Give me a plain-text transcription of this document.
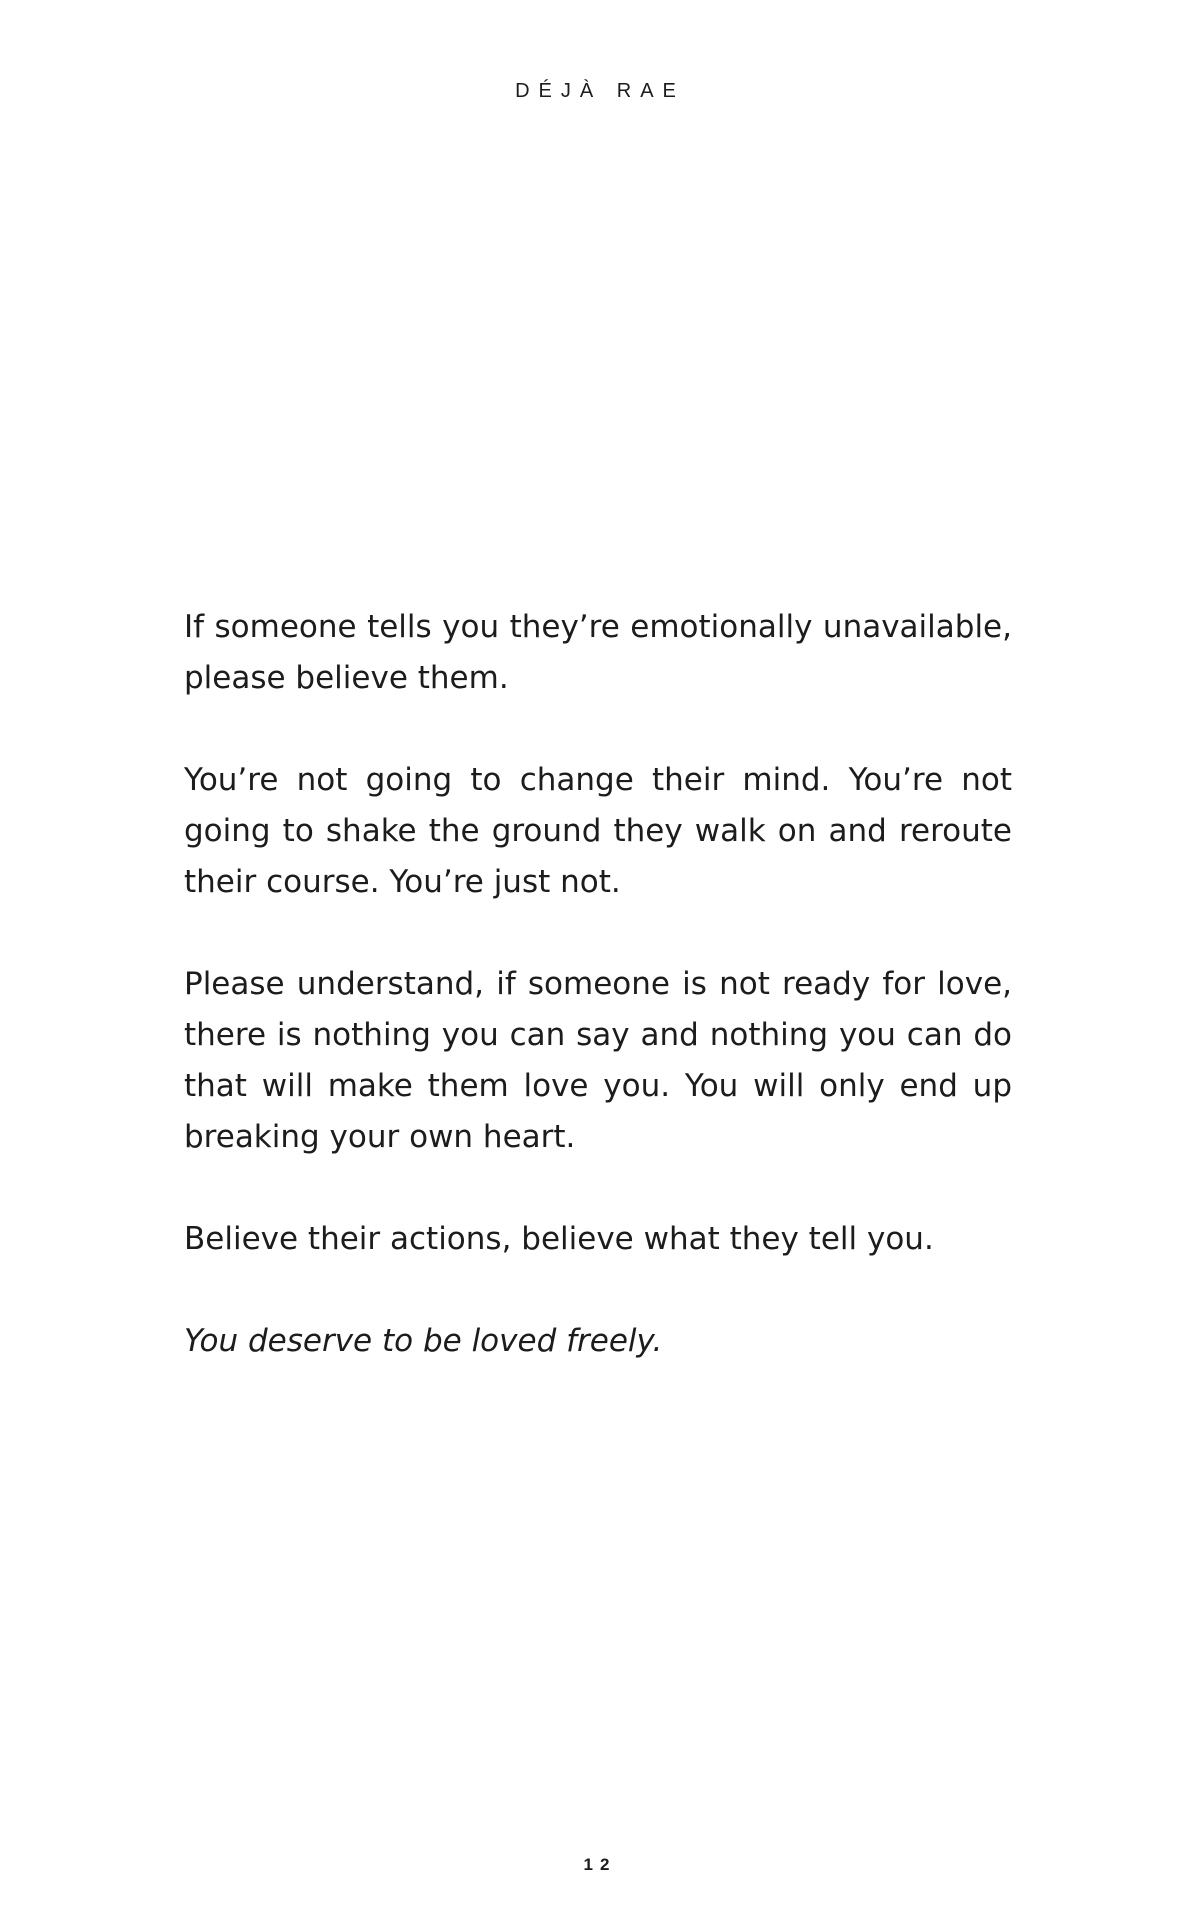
DÉJÀ RAE

If someone tells you they’re emotionally unavailable, please believe them.

You’re not going to change their mind. You’re not going to shake the ground they walk on and reroute their course. You’re just not.

Please understand, if someone is not ready for love, there is nothing you can say and nothing you can do that will make them love you. You will only end up breaking your own heart.

Believe their actions, believe what they tell you.

You deserve to be loved freely.

12
